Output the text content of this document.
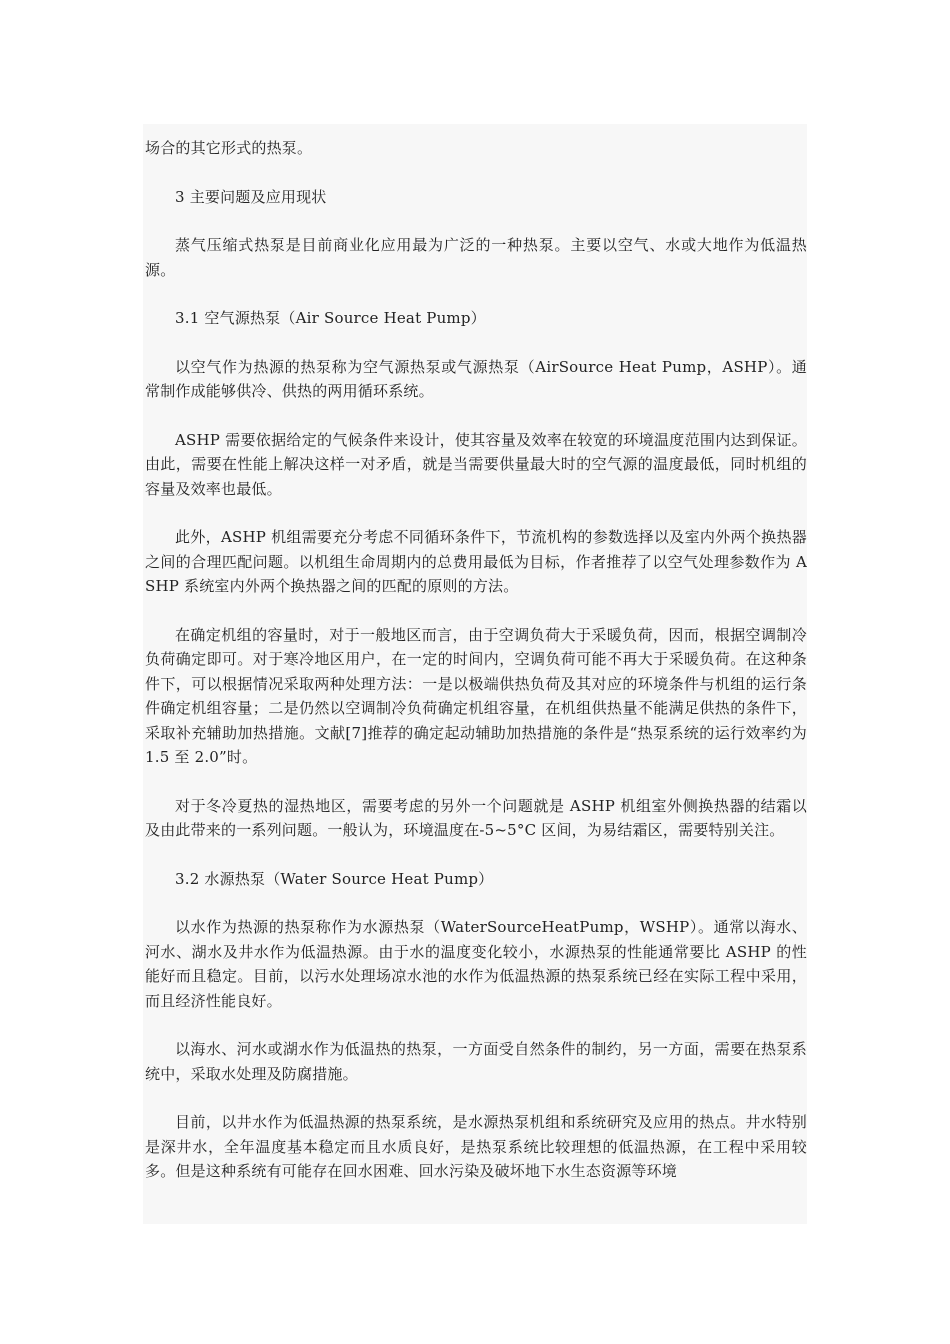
场合的其它形式的热泵。

3 主要问题及应用现状

蒸气压缩式热泵是目前商业化应用最为广泛的一种热泵。主要以空气、水或大地作为低温热源。

3.1 空气源热泵（Air Source Heat Pump）

以空气作为热源的热泵称为空气源热泵或气源热泵（AirSource Heat Pump，ASHP）。通常制作成能够供冷、供热的两用循环系统。

ASHP 需要依据给定的气候条件来设计，使其容量及效率在较宽的环境温度范围内达到保证。由此，需要在性能上解决这样一对矛盾，就是当需要供量最大时的空气源的温度最低，同时机组的容量及效率也最低。

此外，ASHP 机组需要充分考虑不同循环条件下，节流机构的参数选择以及室内外两个换热器之间的合理匹配问题。以机组生命周期内的总费用最低为目标，作者推荐了以空气处理参数作为 ASHP 系统室内外两个换热器之间的匹配的原则的方法。

在确定机组的容量时，对于一般地区而言，由于空调负荷大于采暖负荷，因而，根据空调制冷负荷确定即可。对于寒冷地区用户，在一定的时间内，空调负荷可能不再大于采暖负荷。在这种条件下，可以根据情况采取两种处理方法：一是以极端供热负荷及其对应的环境条件与机组的运行条件确定机组容量；二是仍然以空调制冷负荷确定机组容量，在机组供热量不能满足供热的条件下，采取补充辅助加热措施。文献[7]推荐的确定起动辅助加热措施的条件是“热泵系统的运行效率约为 1.5 至 2.0”时。

对于冬冷夏热的湿热地区，需要考虑的另外一个问题就是 ASHP 机组室外侧换热器的结霜以及由此带来的一系列问题。一般认为，环境温度在-5~5°C 区间，为易结霜区，需要特别关注。

3.2 水源热泵（Water Source Heat Pump）

以水作为热源的热泵称作为水源热泵（WaterSourceHeatPump，WSHP）。通常以海水、河水、湖水及井水作为低温热源。由于水的温度变化较小，水源热泵的性能通常要比 ASHP 的性能好而且稳定。目前，以污水处理场凉水池的水作为低温热源的热泵系统已经在实际工程中采用，而且经济性能良好。

以海水、河水或湖水作为低温热的热泵，一方面受自然条件的制约，另一方面，需要在热泵系统中，采取水处理及防腐措施。

目前，以井水作为低温热源的热泵系统，是水源热泵机组和系统研究及应用的热点。井水特别是深井水，全年温度基本稳定而且水质良好，是热泵系统比较理想的低温热源，在工程中采用较多。但是这种系统有可能存在回水困难、回水污染及破坏地下水生态资源等环境
